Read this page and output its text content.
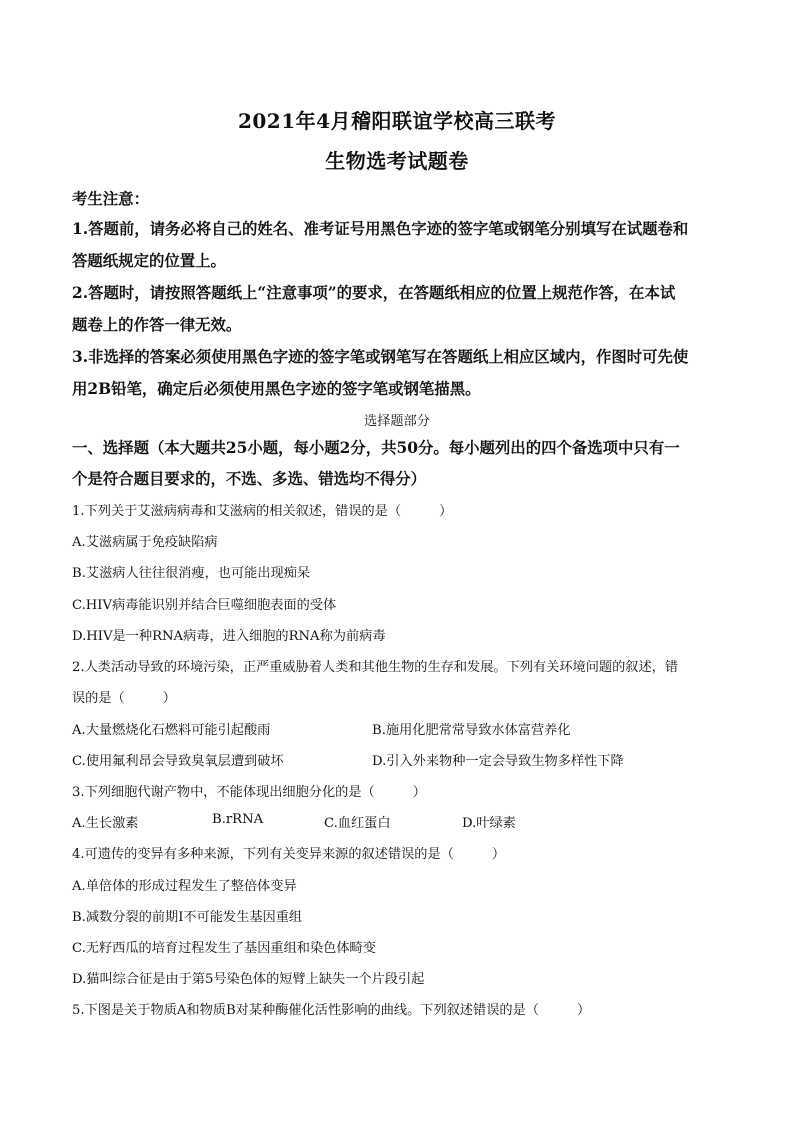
2021年4月稽阳联谊学校高三联考
生物选考试题卷
考生注意：
1.答题前，请务必将自己的姓名、准考证号用黑色字迹的签字笔或钢笔分别填写在试题卷和
答题纸规定的位置上。
2.答题时，请按照答题纸上“注意事项”的要求，在答题纸相应的位置上规范作答，在本试
题卷上的作答一律无效。
3.非选择的答案必须使用黑色字迹的签字笔或钢笔写在答题纸上相应区域内，作图时可先使
用2B铅笔，确定后必须使用黑色字迹的签字笔或钢笔描黑。
选择题部分
一、选择题（本大题共25小题，每小题2分，共50分。每小题列出的四个备选项中只有一
个是符合题目要求的，不选、多选、错选均不得分）
1.下列关于艾滋病病毒和艾滋病的相关叙述，错误的是（	）
A.艾滋病属于免疫缺陷病
B.艾滋病人往往很消瘦，也可能出现痴呆
C.HIV病毒能识别并结合巨噬细胞表面的受体
D.HIV是一种RNA病毒，进入细胞的RNA称为前病毒
2.人类活动导致的环境污染，正严重威胁着人类和其他生物的生存和发展。下列有关环境问题的叙述，错
误的是（	）
A.大量燃烧化石燃料可能引起酸雨	B.施用化肥常常导致水体富营养化
C.使用氟利昂会导致臭氧层遭到破坏	D.引入外来物种一定会导致生物多样性下降
3.下列细胞代谢产物中，不能体现出细胞分化的是（	）
A.生长激素	B.rRNA	C.血红蛋白	D.叶绿素
4.可遗传的变异有多种来源，下列有关变异来源的叙述错误的是（	）
A.单倍体的形成过程发生了整倍体变异
B.减数分裂的前期Ⅰ不可能发生基因重组
C.无籽西瓜的培育过程发生了基因重组和染色体畸变
D.猫叫综合征是由于第5号染色体的短臂上缺失一个片段引起
5.下图是关于物质A和物质B对某种酶催化活性影响的曲线。下列叙述错误的是（	）
